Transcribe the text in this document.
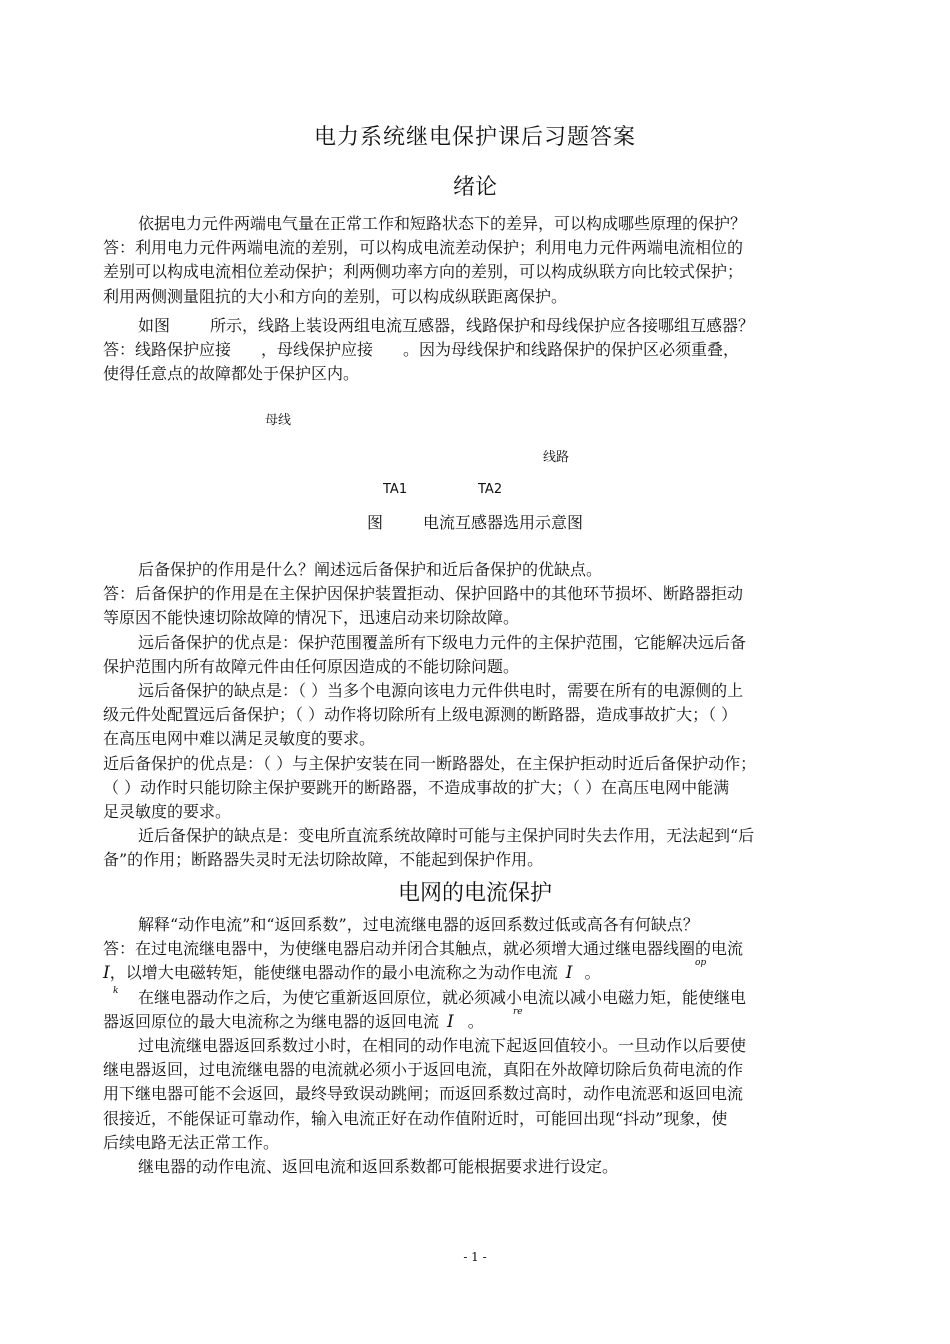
电力系统继电保护课后习题答案
绪论
依据电力元件两端电气量在正常工作和短路状态下的差异，可以构成哪些原理的保护？
答：利用电力元件两端电流的差别，可以构成电流差动保护；利用电力元件两端电流相位的
差别可以构成电流相位差动保护；利两侧功率方向的差别，可以构成纵联方向比较式保护；
利用两侧测量阻抗的大小和方向的差别，可以构成纵联距离保护。
如图	所示，线路上装设两组电流互感器，线路保护和母线保护应各接哪组互感器？
答：线路保护应接 ，母线保护应接 。因为母线保护和线路保护的保护区必须重叠，
使得任意点的故障都处于保护区内。
母线
线路
TA1	TA2
图	电流互感器选用示意图
后备保护的作用是什么？阐述远后备保护和近后备保护的优缺点。
答：后备保护的作用是在主保护因保护装置拒动、保护回路中的其他环节损坏、断路器拒动
等原因不能快速切除故障的情况下，迅速启动来切除故障。
远后备保护的优点是：保护范围覆盖所有下级电力元件的主保护范围，它能解决远后备
保护范围内所有故障元件由任何原因造成的不能切除问题。
远后备保护的缺点是：（ ）当多个电源向该电力元件供电时，需要在所有的电源侧的上
级元件处配置远后备保护；（ ）动作将切除所有上级电源测的断路器，造成事故扩大；（ ）
在高压电网中难以满足灵敏度的要求。
近后备保护的优点是：（ ）与主保护安装在同一断路器处，在主保护拒动时近后备保护动作；
（ ）动作时只能切除主保护要跳开的断路器，不造成事故的扩大；（ ）在高压电网中能满
足灵敏度的要求。
近后备保护的缺点是：变电所直流系统故障时可能与主保护同时失去作用，无法起到“后
备”的作用；断路器失灵时无法切除故障，不能起到保护作用。
电网的电流保护
解释“动作电流”和“返回系数”，过电流继电器的返回系数过低或高各有何缺点？
答：在过电流继电器中，为使继电器启动并闭合其触点，就必须增大通过继电器线圈的电流
I，以增大电磁转矩，能使继电器动作的最小电流称之为动作电流 I 。
k
op
在继电器动作之后，为使它重新返回原位，就必须减小电流以减小电磁力矩，能使继电
器返回原位的最大电流称之为继电器的返回电流 I 。	re
过电流继电器返回系数过小时，在相同的动作电流下起返回值较小。一旦动作以后要使
继电器返回，过电流继电器的电流就必须小于返回电流，真阳在外故障切除后负荷电流的作
用下继电器可能不会返回，最终导致误动跳闸；而返回系数过高时，动作电流恶和返回电流
很接近，不能保证可靠动作，输入电流正好在动作值附近时，可能回出现“抖动”现象，使
后续电路无法正常工作。
继电器的动作电流、返回电流和返回系数都可能根据要求进行设定。
- 1 -
